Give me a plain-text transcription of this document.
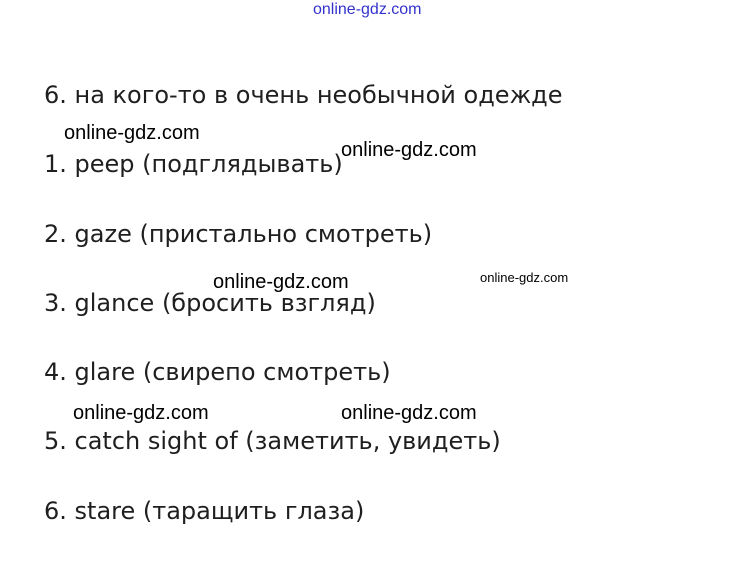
online-gdz.com
6. на кого-то в очень необычной одежде
1. peep (подглядывать)
2. gaze (пристально смотреть)
3. glance (бросить взгляд)
4. glare (свирепо смотреть)
5. catch sight of (заметить, увидеть)
6. stare (таращить глаза)
online-gdz.com
online-gdz.com
online-gdz.com	online-gdz.com
online-gdz.com	online-gdz.com
